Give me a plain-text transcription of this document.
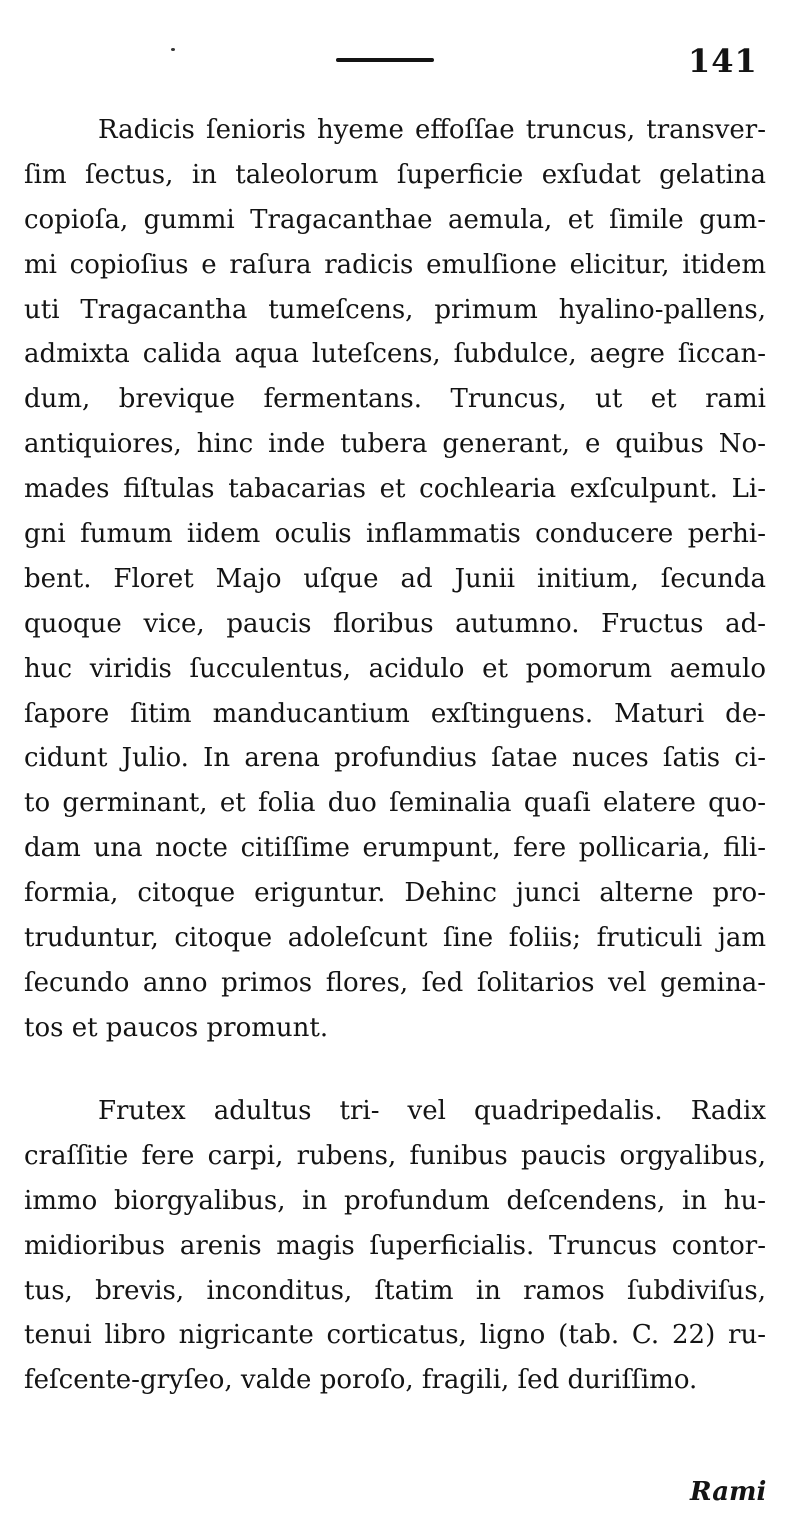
141
Radicis ſenioris hyeme effoſſae truncus, transver-
ſim ſectus, in taleolorum ſuperficie exſudat gelatina
copioſa, gummi Tragacanthae aemula, et ſimile gum-
mi copioſius e raſura radicis emulſione elicitur, itidem
uti Tragacantha tumeſcens, primum hyalino-pallens,
admixta calida aqua luteſcens, ſubdulce, aegre ſiccan-
dum, brevique fermentans. Truncus, ut et rami
antiquiores, hinc inde tubera generant, e quibus No-
mades fiſtulas tabacarias et cochlearia exſculpunt. Li-
gni fumum iidem oculis inflammatis conducere perhi-
bent. Floret Majo uſque ad Junii initium, ſecunda
quoque vice, paucis floribus autumno. Fructus ad-
huc viridis ſucculentus, acidulo et pomorum aemulo
ſapore ſitim manducantium exſtinguens. Maturi de-
cidunt Julio. In arena profundius ſatae nuces ſatis ci-
to germinant, et folia duo ſeminalia quaſi elatere quo-
dam una nocte citiſſime erumpunt, fere pollicaria, fili-
formia, citoque eriguntur. Dehinc junci alterne pro-
truduntur, citoque adoleſcunt ſine foliis; fruticuli jam
ſecundo anno primos flores, ſed ſolitarios vel gemina-
tos et paucos promunt.
Frutex adultus tri- vel quadripedalis. Radix
craſſitie fere carpi, rubens, funibus paucis orgyalibus,
immo biorgyalibus, in profundum deſcendens, in hu-
midioribus arenis magis ſuperficialis. Truncus contor-
tus, brevis, inconditus, ſtatim in ramos ſubdiviſus,
tenui libro nigricante corticatus, ligno (tab. C. 22) ru-
feſcente-gryſeo, valde poroſo, fragili, ſed duriſſimo.
Rami
